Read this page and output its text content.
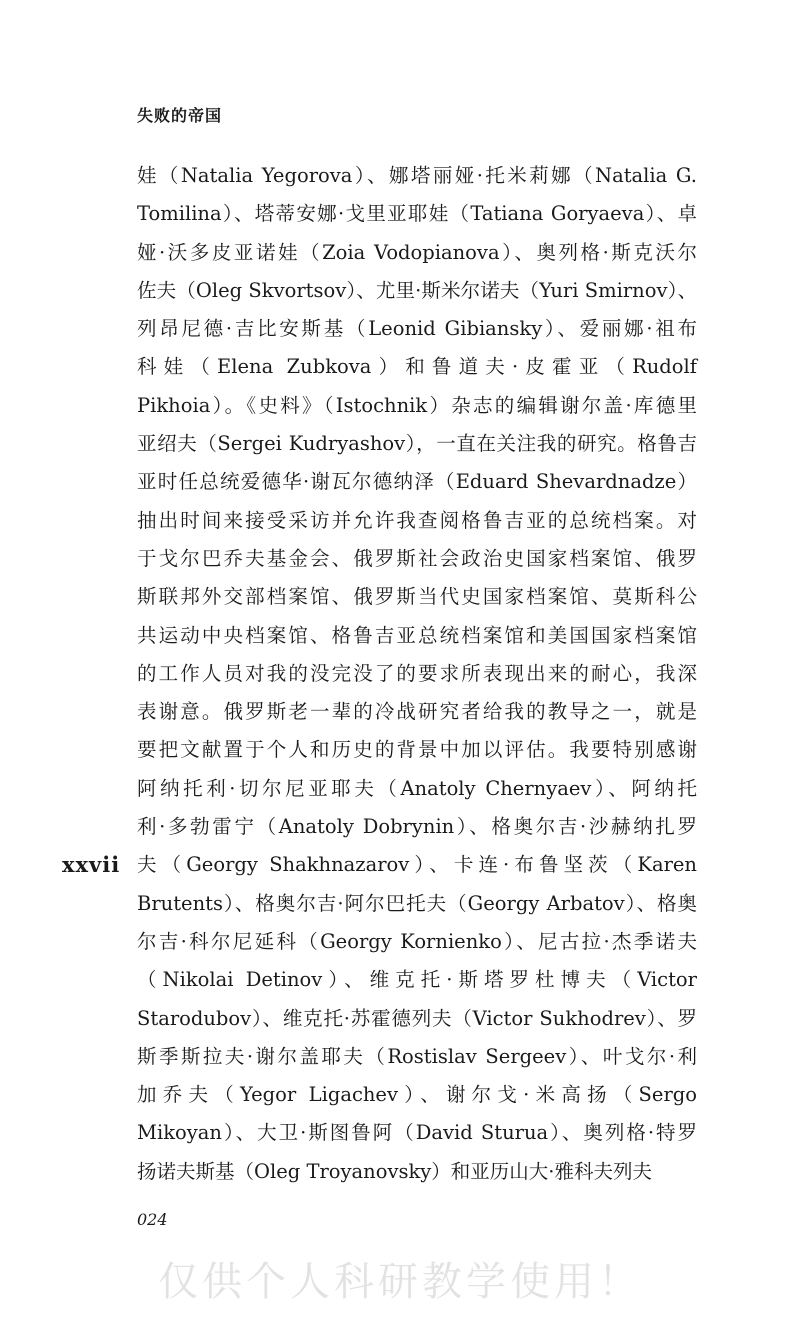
失败的帝国
娃（Natalia Yegorova）、娜塔丽娅·托米莉娜（Natalia G.
Tomilina）、塔蒂安娜·戈里亚耶娃（Tatiana Goryaeva）、卓
娅·沃多皮亚诺娃（Zoia Vodopianova）、奥列格·斯克沃尔
佐夫（Oleg Skvortsov）、尤里·斯米尔诺夫（Yuri Smirnov）、
列昂尼德·吉比安斯基（Leonid Gibiansky）、爱丽娜·祖布
科娃（Elena Zubkova）和鲁道夫·皮霍亚（Rudolf
Pikhoia）。《史料》（Istochnik）杂志的编辑谢尔盖·库德里
亚绍夫（Sergei Kudryashov），一直在关注我的研究。格鲁吉
亚时任总统爱德华·谢瓦尔德纳泽（Eduard Shevardnadze）
抽出时间来接受采访并允许我查阅格鲁吉亚的总统档案。对
于戈尔巴乔夫基金会、俄罗斯社会政治史国家档案馆、俄罗
斯联邦外交部档案馆、俄罗斯当代史国家档案馆、莫斯科公
共运动中央档案馆、格鲁吉亚总统档案馆和美国国家档案馆
的工作人员对我的没完没了的要求所表现出来的耐心，我深
表谢意。俄罗斯老一辈的冷战研究者给我的教导之一，就是
要把文献置于个人和历史的背景中加以评估。我要特别感谢
阿纳托利·切尔尼亚耶夫（Anatoly Chernyaev）、阿纳托
利·多勃雷宁（Anatoly Dobrynin）、格奥尔吉·沙赫纳扎罗
夫（Georgy Shakhnazarov）、卡连·布鲁坚茨（Karen
Brutents）、格奥尔吉·阿尔巴托夫（Georgy Arbatov）、格奥
尔吉·科尔尼延科（Georgy Kornienko）、尼古拉·杰季诺夫
（Nikolai Detinov）、维克托·斯塔罗杜博夫（Victor
Starodubov）、维克托·苏霍德列夫（Victor Sukhodrev）、罗
斯季斯拉夫·谢尔盖耶夫（Rostislav Sergeev）、叶戈尔·利
加乔夫（Yegor Ligachev）、谢尔戈·米高扬（Sergo
Mikoyan）、大卫·斯图鲁阿（David Sturua）、奥列格·特罗
扬诺夫斯基（Oleg Troyanovsky）和亚历山大·雅科夫列夫
xxvii
024
仅供个人科研教学使用！
